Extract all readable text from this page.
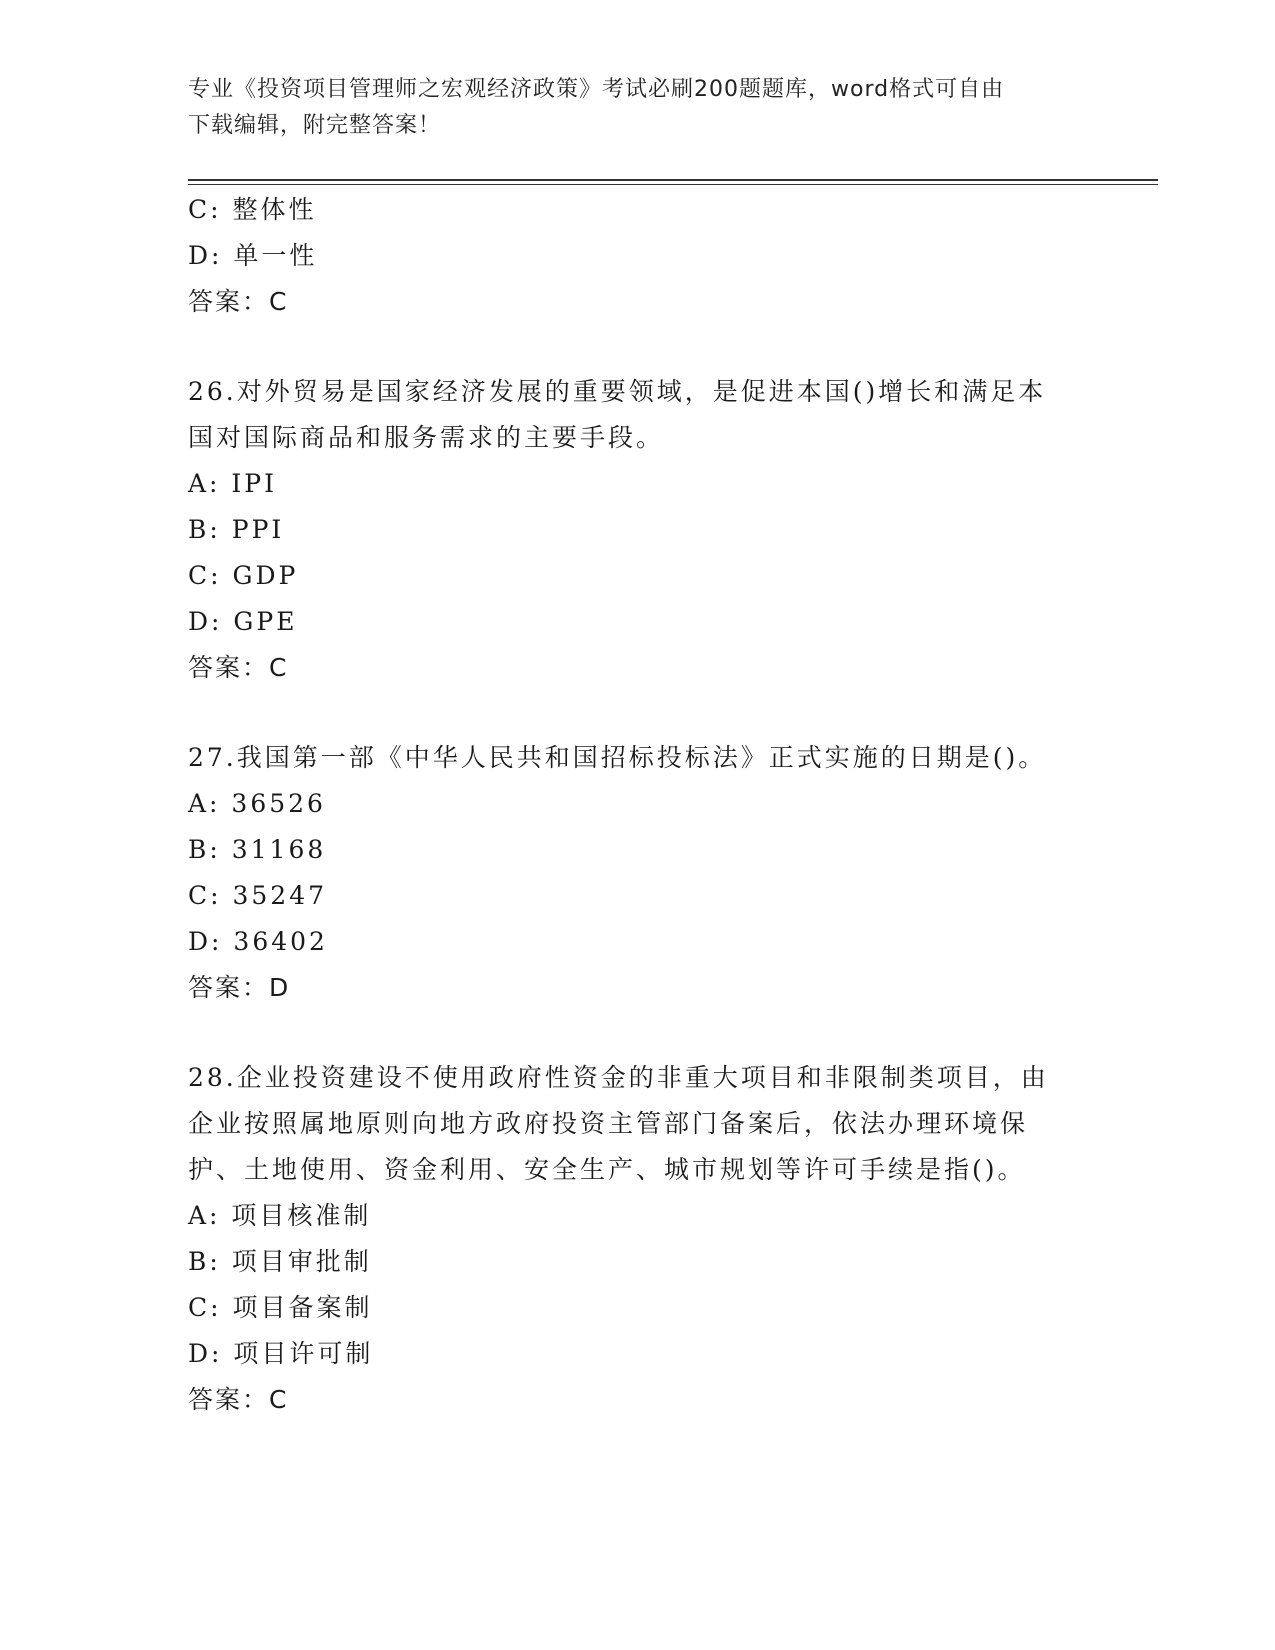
专业《投资项目管理师之宏观经济政策》考试必刷200题题库，word格式可自由
下载编辑，附完整答案！
C: 整体性
D: 单一性
答案：C
26.对外贸易是国家经济发展的重要领域，是促进本国()增长和满足本
国对国际商品和服务需求的主要手段。
A: IPI
B: PPI
C: GDP
D: GPE
答案：C
27.我国第一部《中华人民共和国招标投标法》正式实施的日期是()。
A: 36526
B: 31168
C: 35247
D: 36402
答案：D
28.企业投资建设不使用政府性资金的非重大项目和非限制类项目，由
企业按照属地原则向地方政府投资主管部门备案后，依法办理环境保
护、土地使用、资金利用、安全生产、城市规划等许可手续是指()。
A: 项目核准制
B: 项目审批制
C: 项目备案制
D: 项目许可制
答案：C
